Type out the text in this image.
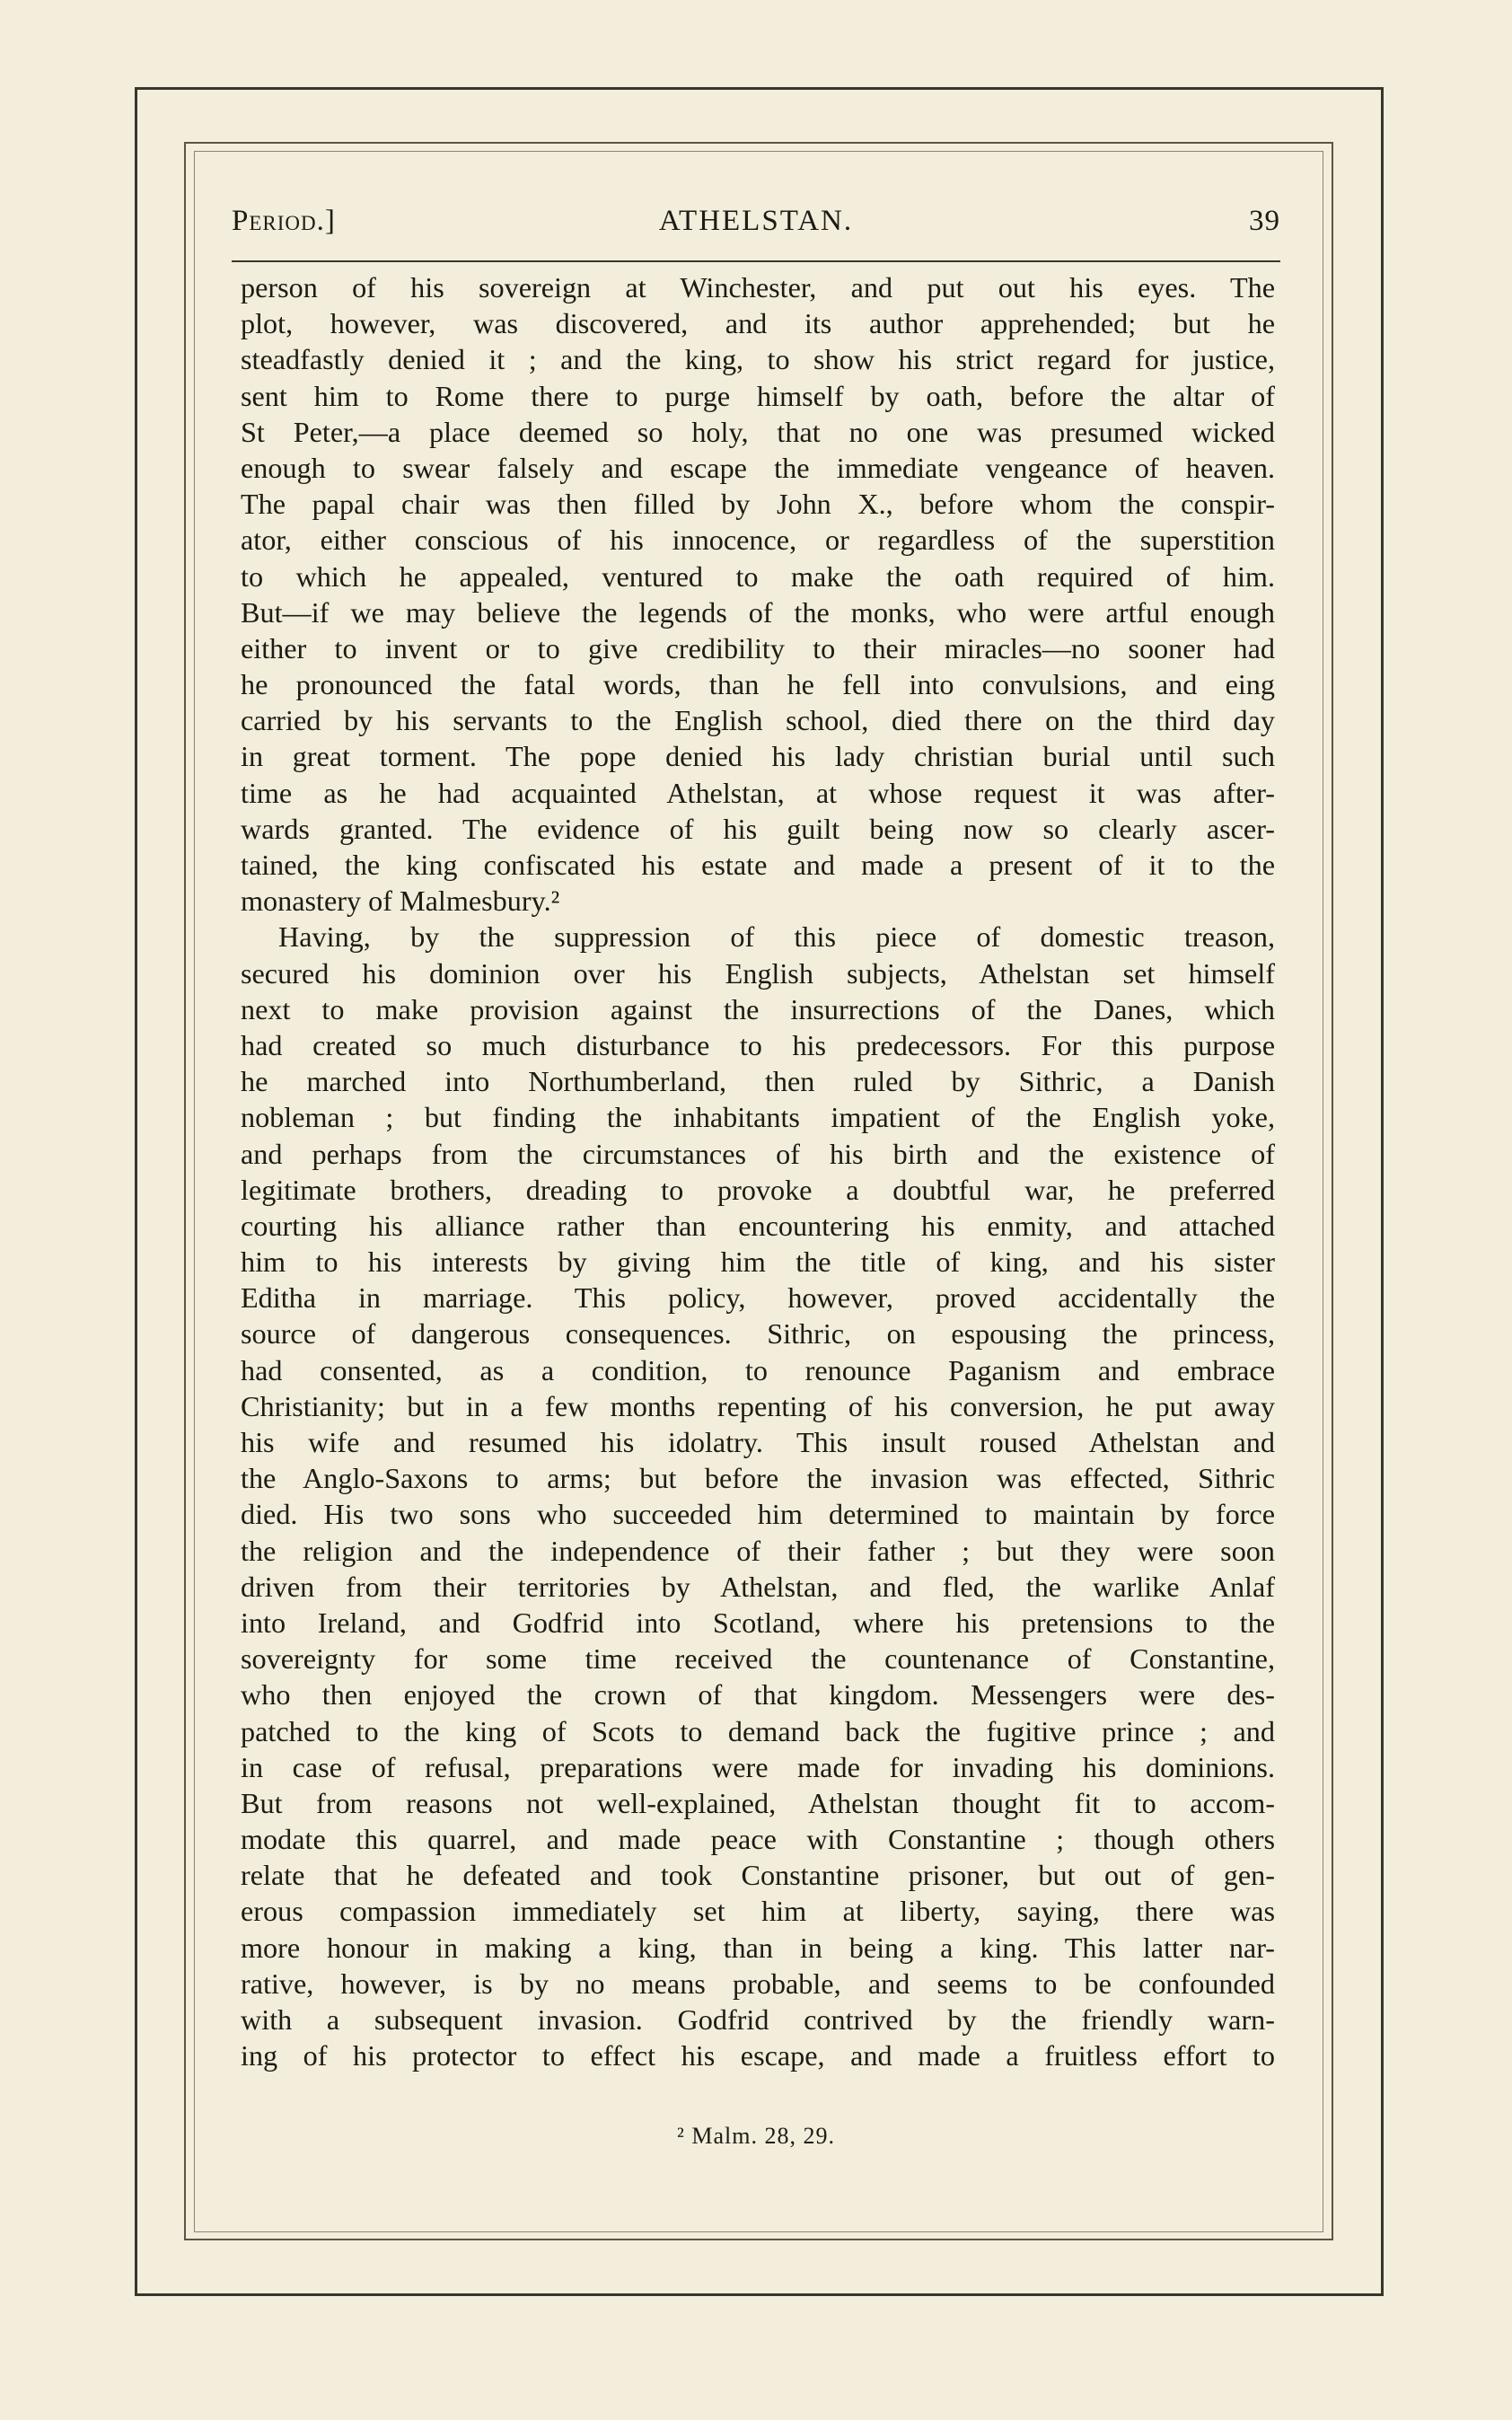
Period.]	ATHELSTAN.	39
person of his sovereign at Winchester, and put out his eyes. The
plot, however, was discovered, and its author apprehended; but he
steadfastly denied it ; and the king, to show his strict regard for justice,
sent him to Rome there to purge himself by oath, before the altar of
St Peter,—a place deemed so holy, that no one was presumed wicked
enough to swear falsely and escape the immediate vengeance of heaven.
The papal chair was then filled by John X., before whom the conspir-
ator, either conscious of his innocence, or regardless of the superstition
to which he appealed, ventured to make the oath required of him.
But—if we may believe the legends of the monks, who were artful enough
either to invent or to give credibility to their miracles—no sooner had
he pronounced the fatal words, than he fell into convulsions, and eing
carried by his servants to the English school, died there on the third day
in great torment. The pope denied his lady christian burial until such
time as he had acquainted Athelstan, at whose request it was after-
wards granted. The evidence of his guilt being now so clearly ascer-
tained, the king confiscated his estate and made a present of it to the
monastery of Malmesbury.²
Having, by the suppression of this piece of domestic treason,
secured his dominion over his English subjects, Athelstan set himself
next to make provision against the insurrections of the Danes, which
had created so much disturbance to his predecessors. For this purpose
he marched into Northumberland, then ruled by Sithric, a Danish
nobleman ; but finding the inhabitants impatient of the English yoke,
and perhaps from the circumstances of his birth and the existence of
legitimate brothers, dreading to provoke a doubtful war, he preferred
courting his alliance rather than encountering his enmity, and attached
him to his interests by giving him the title of king, and his sister
Editha in marriage. This policy, however, proved accidentally the
source of dangerous consequences. Sithric, on espousing the princess,
had consented, as a condition, to renounce Paganism and embrace
Christianity; but in a few months repenting of his conversion, he put away
his wife and resumed his idolatry. This insult roused Athelstan and
the Anglo-Saxons to arms; but before the invasion was effected, Sithric
died. His two sons who succeeded him determined to maintain by force
the religion and the independence of their father ; but they were soon
driven from their territories by Athelstan, and fled, the warlike Anlaf
into Ireland, and Godfrid into Scotland, where his pretensions to the
sovereignty for some time received the countenance of Constantine,
who then enjoyed the crown of that kingdom. Messengers were des-
patched to the king of Scots to demand back the fugitive prince ; and
in case of refusal, preparations were made for invading his dominions.
But from reasons not well-explained, Athelstan thought fit to accom-
modate this quarrel, and made peace with Constantine ; though others
relate that he defeated and took Constantine prisoner, but out of gen-
erous compassion immediately set him at liberty, saying, there was
more honour in making a king, than in being a king. This latter nar-
rative, however, is by no means probable, and seems to be confounded
with a subsequent invasion. Godfrid contrived by the friendly warn-
ing of his protector to effect his escape, and made a fruitless effort to
² Malm. 28, 29.
